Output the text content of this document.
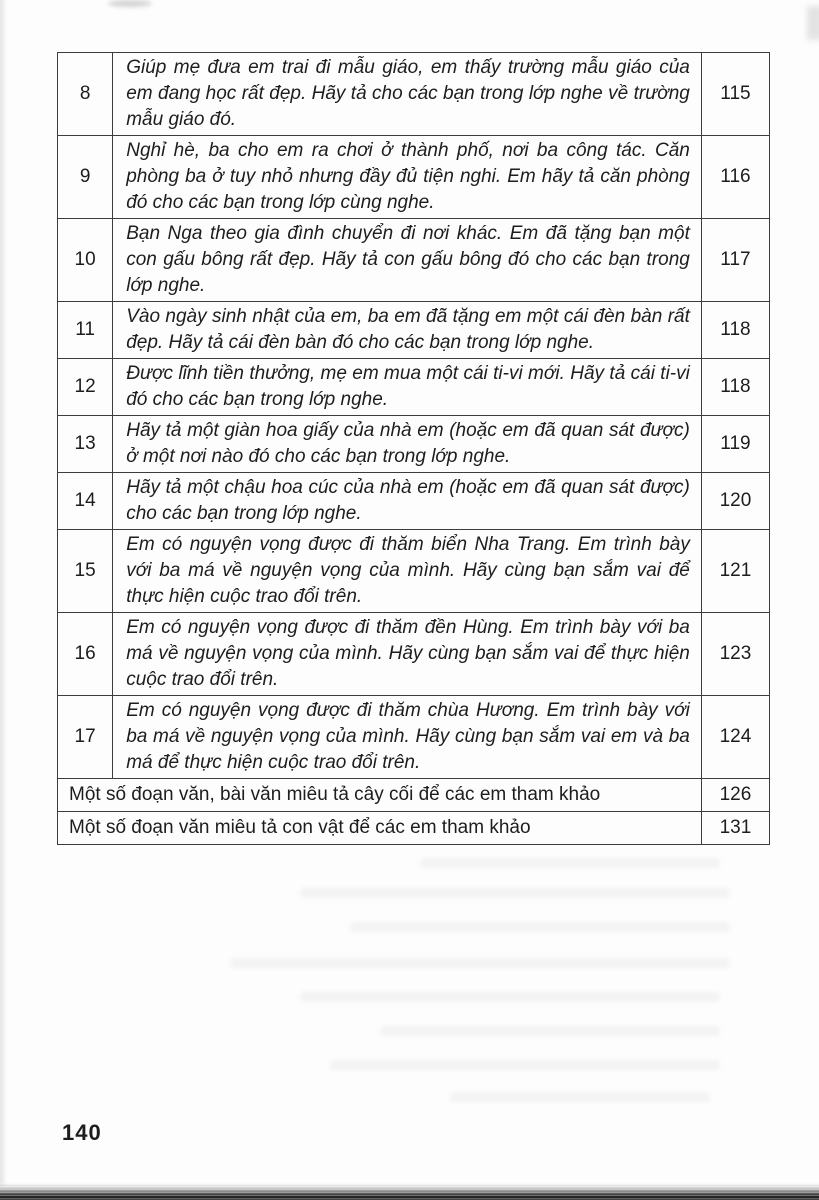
8	Giúp mẹ đưa em trai đi mẫu giáo, em thấy trường mẫu giáo của em đang học rất đẹp. Hãy tả cho các bạn trong lớp nghe về trường mẫu giáo đó.	115
9	Nghỉ hè, ba cho em ra chơi ở thành phố, nơi ba công tác. Căn phòng ba ở tuy nhỏ nhưng đầy đủ tiện nghi. Em hãy tả căn phòng đó cho các bạn trong lớp cùng nghe.	116
10	Bạn Nga theo gia đình chuyển đi nơi khác. Em đã tặng bạn một con gấu bông rất đẹp. Hãy tả con gấu bông đó cho các bạn trong lớp nghe.	117
11	Vào ngày sinh nhật của em, ba em đã tặng em một cái đèn bàn rất đẹp. Hãy tả cái đèn bàn đó cho các bạn trong lớp nghe.	118
12	Được lĩnh tiền thưởng, mẹ em mua một cái ti-vi mới. Hãy tả cái ti-vi đó cho các bạn trong lớp nghe.	118
13	Hãy tả một giàn hoa giấy của nhà em (hoặc em đã quan sát được) ở một nơi nào đó cho các bạn trong lớp nghe.	119
14	Hãy tả một chậu hoa cúc của nhà em (hoặc em đã quan sát được) cho các bạn trong lớp nghe.	120
15	Em có nguyện vọng được đi thăm biển Nha Trang. Em trình bày với ba má về nguyện vọng của mình. Hãy cùng bạn sắm vai để thực hiện cuộc trao đổi trên.	121
16	Em có nguyện vọng được đi thăm đền Hùng. Em trình bày với ba má về nguyện vọng của mình. Hãy cùng bạn sắm vai để thực hiện cuộc trao đổi trên.	123
17	Em có nguyện vọng được đi thăm chùa Hương. Em trình bày với ba má về nguyện vọng của mình. Hãy cùng bạn sắm vai em và ba má để thực hiện cuộc trao đổi trên.	124
Một số đoạn văn, bài văn miêu tả cây cối để các em tham khảo		126
Một số đoạn văn miêu tả con vật để các em tham khảo		131
140
